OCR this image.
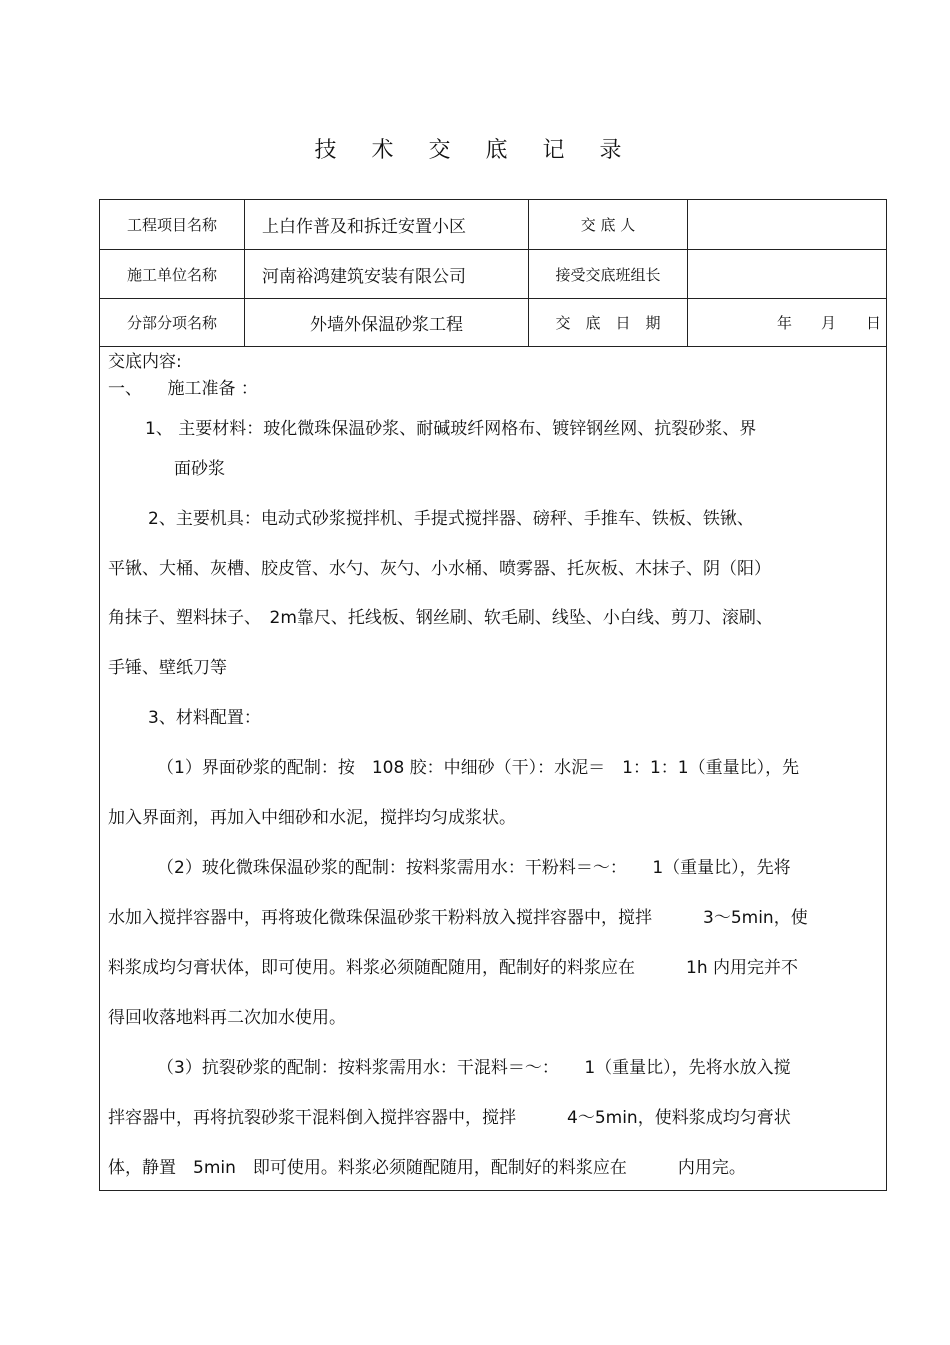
技 术 交 底 记 录
工程项目名称	上白作普及和拆迁安置小区	交 底 人
施工单位名称	河南裕鸿建筑安装有限公司	接受交底班组长
分部分项名称	外墙外保温砂浆工程	交　底　日　期	年 月 日
交底内容:
一、　　施工准备 ：
1、 主要材料：玻化微珠保温砂浆、耐碱玻纤网格布、镀锌钢丝网、抗裂砂浆、界
面砂浆
2、主要机具：电动式砂浆搅拌机、手提式搅拌器、磅秤、手推车、铁板、铁锹、
平锹、大桶、灰槽、胶皮管、水勺、灰勺、小水桶、喷雾器、托灰板、木抹子、阴（阳）
角抹子、塑料抹子、　2m靠尺、托线板、钢丝刷、软毛刷、线坠、小白线、剪刀、滚刷、
手锤、壁纸刀等
3、材料配置：
（1）界面砂浆的配制：按　108 胶：中细砂（干）：水泥＝　1：1：1（重量比），先
加入界面剂，再加入中细砂和水泥，搅拌均匀成浆状。
（2）玻化微珠保温砂浆的配制：按料浆需用水：干粉料＝～：　　1（重量比），先将
水加入搅拌容器中，再将玻化微珠保温砂浆干粉料放入搅拌容器中，搅拌　　　3～5min，使
料浆成均匀膏状体，即可使用。料浆必须随配随用，配制好的料浆应在　　　1h 内用完并不
得回收落地料再二次加水使用。
（3）抗裂砂浆的配制：按料浆需用水：干混料＝～：　　1（重量比），先将水放入搅
拌容器中，再将抗裂砂浆干混料倒入搅拌容器中，搅拌　　　4～5min，使料浆成均匀膏状
体，静置　5min　即可使用。料浆必须随配随用，配制好的料浆应在　　　内用完。
